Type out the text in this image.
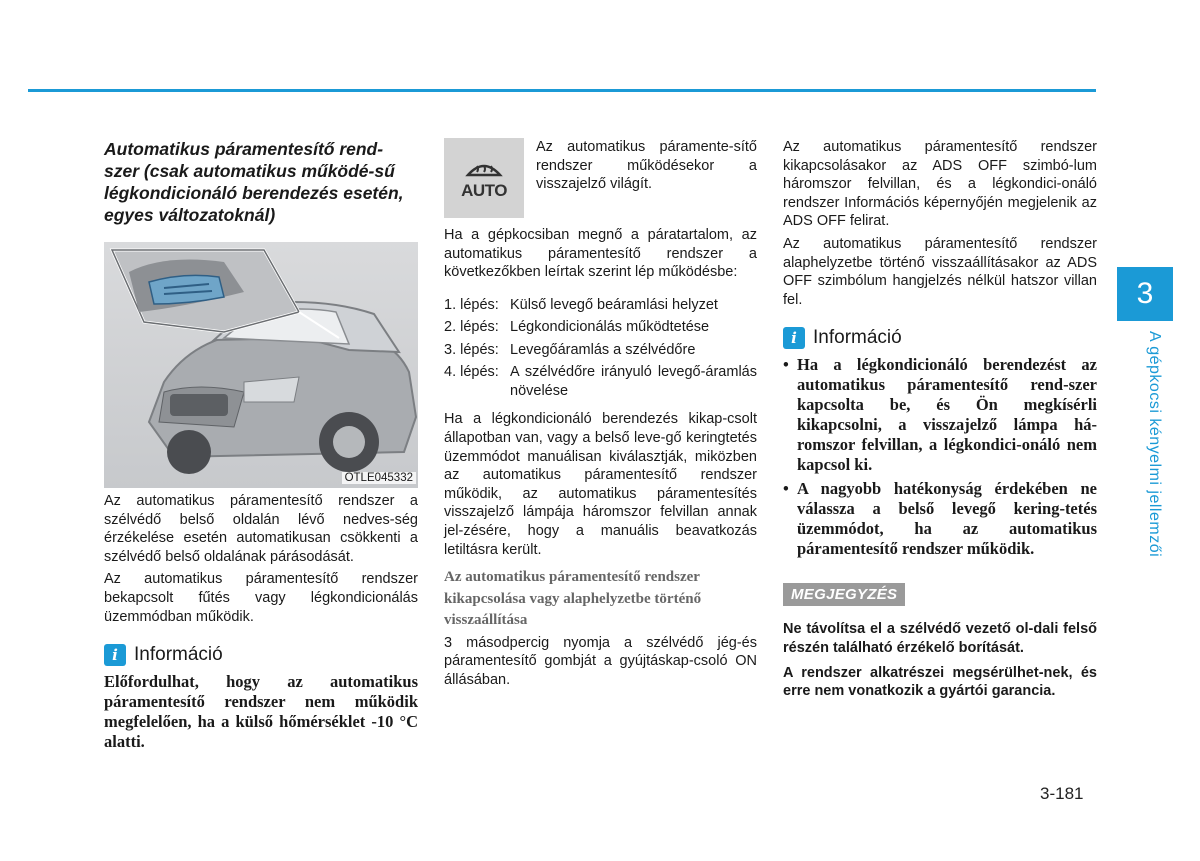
Automatikus páramentesítő rend-szer (csak automatikus működé-sű légkondicionáló berendezés esetén, egyes változatoknál)

OTLE045332

Az automatikus páramentesítő rendszer a szélvédő belső oldalán lévő nedves-ség érzékelése esetén automatikusan csökkenti a szélvédő belső oldalának párásodását.

Az automatikus páramentesítő rendszer bekapcsolt fűtés vagy légkondicionálás üzemmódban működik.

i Információ

Előfordulhat, hogy az automatikus páramentesítő rendszer nem működik megfelelően, ha a külső hőmérséklet -10 °C alatti.

AUTO

Az automatikus páramente-sítő rendszer működésekor a visszajelző világít.

Ha a gépkocsiban megnő a páratartalom, az automatikus páramentesítő rendszer a következőkben leírtak szerint lép működésbe:

1. lépés: Külső levegő beáramlási helyzet
2. lépés: Légkondicionálás működtetése
3. lépés: Levegőáramlás a szélvédőre
4. lépés: A szélvédőre irányuló levegő-áramlás növelése

Ha a légkondicionáló berendezés kikap-csolt állapotban van, vagy a belső leve-gő keringtetés üzemmódot manuálisan kiválasztják, miközben az automatikus páramentesítő rendszer működik, az automatikus páramentesítés visszajelző lámpája háromszor felvillan annak jel-zésére, hogy a manuális beavatkozás letiltásra került.

Az automatikus páramentesítő rendszer kikapcsolása vagy alaphelyzetbe történő visszaállítása

3 másodpercig nyomja a szélvédő jég-és páramentesítő gombját a gyújtáskap-csoló ON állásában.

Az automatikus páramentesítő rendszer kikapcsolásakor az ADS OFF szimbó-lum háromszor felvillan, és a légkondici-onáló rendszer Információs képernyőjén megjelenik az ADS OFF felirat.

Az automatikus páramentesítő rendszer alaphelyzetbe történő visszaállításakor az ADS OFF szimbólum hangjelzés nélkül hatszor villan fel.

i Információ
• Ha a légkondicionáló berendezést az automatikus páramentesítő rend-szer kapcsolta be, és Ön megkísérli kikapcsolni, a visszajelző lámpa há-romszor felvillan, a légkondici-onáló nem kapcsol ki.

• A nagyobb hatékonyság érdekében ne válassza a belső levegő kering-tetés üzemmódot, ha az automatikus páramentesítő rendszer működik.

MEGJEGYZÉS

Ne távolítsa el a szélvédő vezető ol-dali felső részén található érzékelő borítását.

A rendszer alkatrészei megsérülhet-nek, és erre nem vonatkozik a gyártói garancia.

3
A gépkocsi kényelmi jellemzői
3-181
